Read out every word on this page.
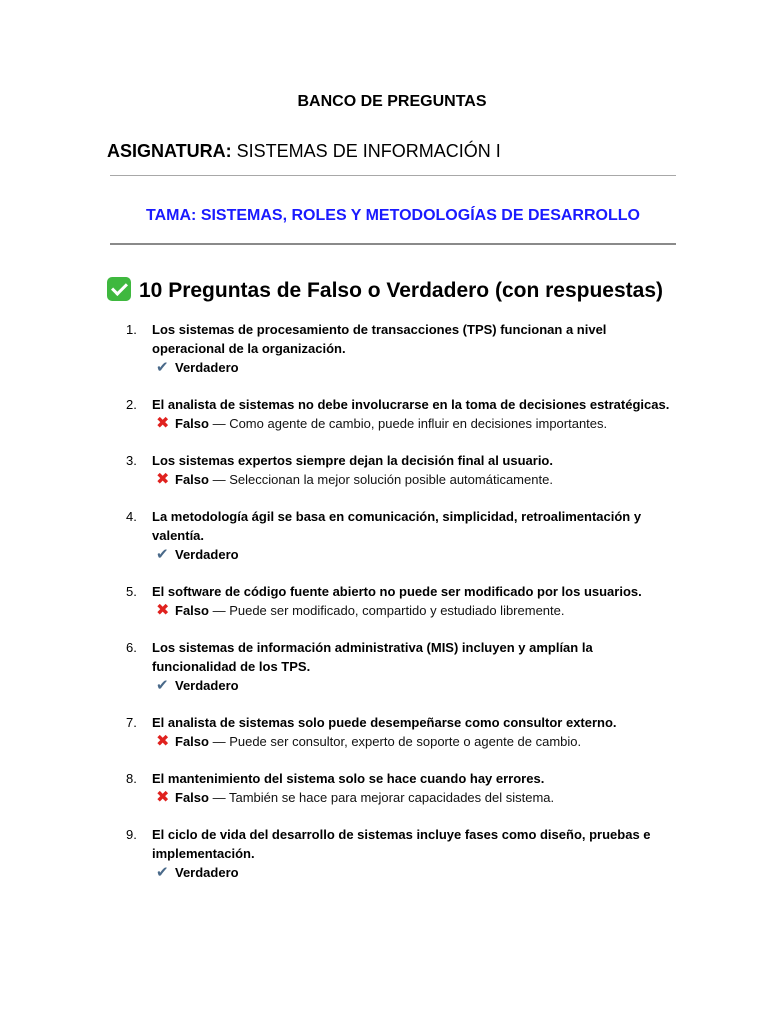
BANCO DE PREGUNTAS

ASIGNATURA: SISTEMAS DE INFORMACIÓN I

TAMA: SISTEMAS, ROLES Y METODOLOGÍAS DE DESARROLLO
10 Preguntas de Falso o Verdadero (con respuestas)
1. Los sistemas de procesamiento de transacciones (TPS) funcionan a nivel operacional de la organización.
✔ Verdadero
2. El analista de sistemas no debe involucrarse en la toma de decisiones estratégicas.
✖ Falso — Como agente de cambio, puede influir en decisiones importantes.
3. Los sistemas expertos siempre dejan la decisión final al usuario.
✖ Falso — Seleccionan la mejor solución posible automáticamente.
4. La metodología ágil se basa en comunicación, simplicidad, retroalimentación y valentía.
✔ Verdadero
5. El software de código fuente abierto no puede ser modificado por los usuarios.
✖ Falso — Puede ser modificado, compartido y estudiado libremente.
6. Los sistemas de información administrativa (MIS) incluyen y amplían la funcionalidad de los TPS.
✔ Verdadero
7. El analista de sistemas solo puede desempeñarse como consultor externo.
✖ Falso — Puede ser consultor, experto de soporte o agente de cambio.
8. El mantenimiento del sistema solo se hace cuando hay errores.
✖ Falso — También se hace para mejorar capacidades del sistema.
9. El ciclo de vida del desarrollo de sistemas incluye fases como diseño, pruebas e implementación.
✔ Verdadero
